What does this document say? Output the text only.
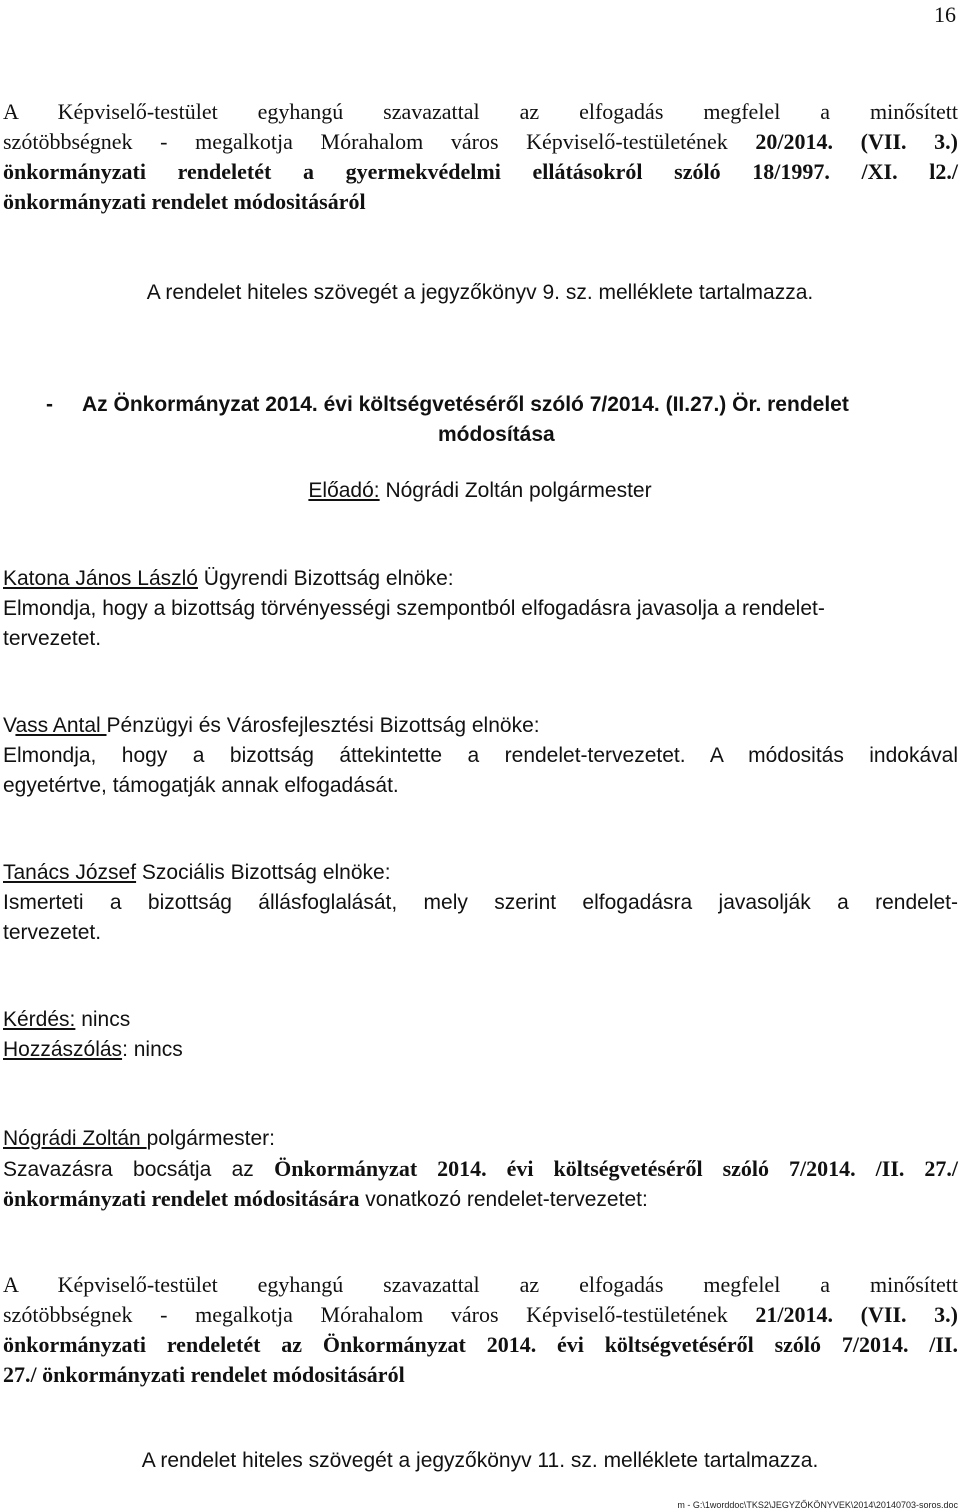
16
A Képviselő-testület egyhangú szavazattal az elfogadás megfelel a minősített
szótöbbségnek - megalkotja Mórahalom város Képviselő-testületének 20/2014. (VII. 3.)
önkormányzati rendeletét a gyermekvédelmi ellátásokról szóló 18/1997. /XI. l2./
önkormányzati rendelet módositásáról
A rendelet hiteles szövegét a jegyzőkönyv 9. sz. melléklete tartalmazza.
-	Az Önkormányzat 2014. évi költségvetéséről szóló 7/2014. (II.27.) Ör. rendelet
módosítása
Előadó: Nógrádi Zoltán polgármester
Katona János László Ügyrendi Bizottság elnöke:
Elmondja, hogy a bizottság törvényességi szempontból elfogadásra javasolja a rendelet-
tervezetet.
Vass Antal Pénzügyi és Városfejlesztési Bizottság elnöke:
Elmondja, hogy a bizottság áttekintette a rendelet-tervezetet. A módositás indokával
egyetértve, támogatják annak elfogadását.
Tanács József Szociális Bizottság elnöke:
Ismerteti a bizottság állásfoglalását, mely szerint elfogadásra javasolják a rendelet-
tervezetet.
Kérdés: nincs
Hozzászólás: nincs
Nógrádi Zoltán polgármester:
Szavazásra bocsátja az Önkormányzat 2014. évi költségvetéséről szóló 7/2014. /II. 27./
önkormányzati rendelet módositására vonatkozó rendelet-tervezetet:
A Képviselő-testület egyhangú szavazattal az elfogadás megfelel a minősített
szótöbbségnek - megalkotja Mórahalom város Képviselő-testületének 21/2014. (VII. 3.)
önkormányzati rendeletét az Önkormányzat 2014. évi költségvetéséről szóló 7/2014. /II.
27./ önkormányzati rendelet módositásáról
A rendelet hiteles szövegét a jegyzőkönyv 11. sz. melléklete tartalmazza.
m - G:\1worddoc\TKS2\JEGYZŐKÖNYVEK\2014\20140703-soros.doc
